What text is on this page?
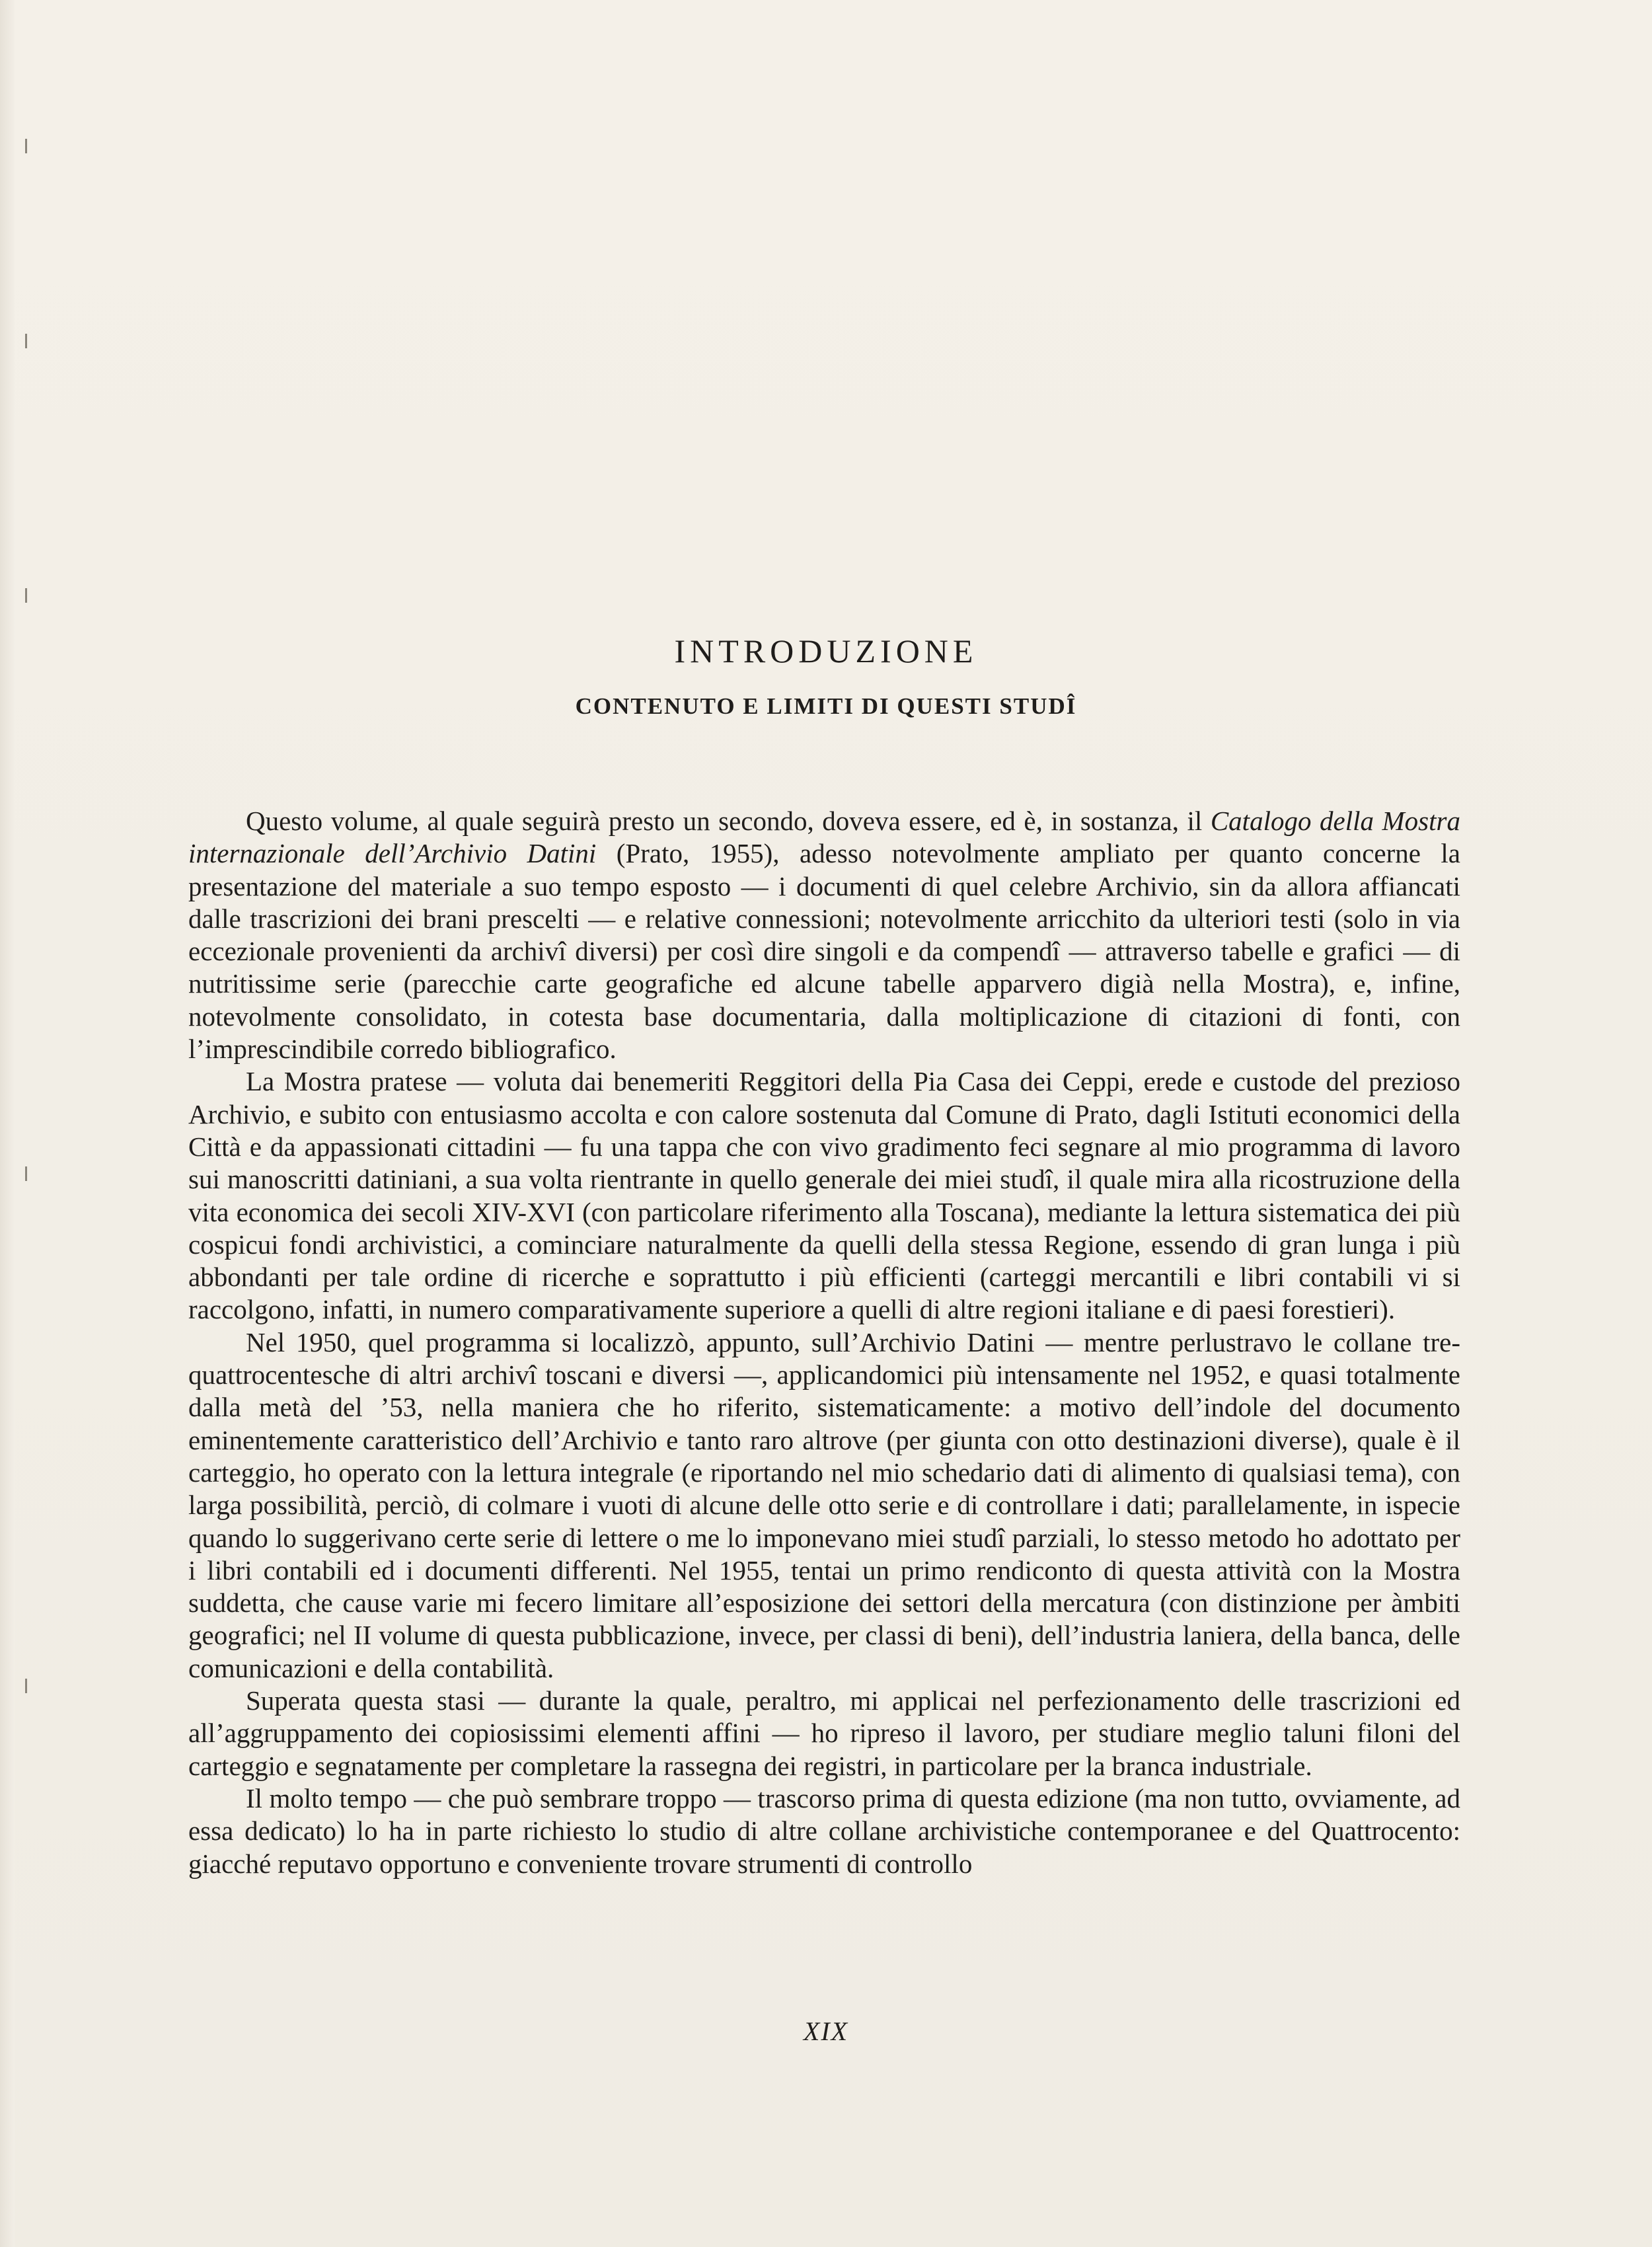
INTRODUZIONE
CONTENUTO E LIMITI DI QUESTI STUDÎ

Questo volume, al quale seguirà presto un secondo, doveva essere, ed è, in sostanza, il Catalogo della Mostra internazionale dell’Archivio Datini (Prato, 1955), adesso notevolmente ampliato per quanto concerne la presentazione del materiale a suo tempo esposto — i documenti di quel celebre Archivio, sin da allora affiancati dalle trascrizioni dei brani prescelti — e relative connessioni; notevolmente arricchito da ulteriori testi (solo in via eccezionale provenienti da archivî diversi) per così dire singoli e da compendî — attraverso tabelle e grafici — di nutritissime serie (parecchie carte geografiche ed alcune tabelle apparvero digià nella Mostra), e, infine, notevolmente consolidato, in cotesta base documentaria, dalla moltiplicazione di citazioni di fonti, con l’imprescindibile corredo bibliografico.

La Mostra pratese — voluta dai benemeriti Reggitori della Pia Casa dei Ceppi, erede e custode del prezioso Archivio, e subito con entusiasmo accolta e con calore sostenuta dal Comune di Prato, dagli Istituti economici della Città e da appassionati cittadini — fu una tappa che con vivo gradimento feci segnare al mio programma di lavoro sui manoscritti datiniani, a sua volta rientrante in quello generale dei miei studî, il quale mira alla ricostruzione della vita economica dei secoli XIV-XVI (con particolare riferimento alla Toscana), mediante la lettura sistematica dei più cospicui fondi archivistici, a cominciare naturalmente da quelli della stessa Regione, essendo di gran lunga i più abbondanti per tale ordine di ricerche e soprattutto i più efficienti (carteggi mercantili e libri contabili vi si raccolgono, infatti, in numero comparativamente superiore a quelli di altre regioni italiane e di paesi forestieri).

Nel 1950, quel programma si localizzò, appunto, sull’Archivio Datini — mentre perlustravo le collane tre-quattrocentesche di altri archivî toscani e diversi —, applicandomici più intensamente nel 1952, e quasi totalmente dalla metà del ’53, nella maniera che ho riferito, sistematicamente: a motivo dell’indole del documento eminentemente caratteristico dell’Archivio e tanto raro altrove (per giunta con otto destinazioni diverse), quale è il carteggio, ho operato con la lettura integrale (e riportando nel mio schedario dati di alimento di qualsiasi tema), con larga possibilità, perciò, di colmare i vuoti di alcune delle otto serie e di controllare i dati; parallelamente, in ispecie quando lo suggerivano certe serie di lettere o me lo imponevano miei studî parziali, lo stesso metodo ho adottato per i libri contabili ed i documenti differenti. Nel 1955, tentai un primo rendiconto di questa attività con la Mostra suddetta, che cause varie mi fecero limitare all’esposizione dei settori della mercatura (con distinzione per àmbiti geografici; nel II volume di questa pubblicazione, invece, per classi di beni), dell’industria laniera, della banca, delle comunicazioni e della contabilità.

Superata questa stasi — durante la quale, peraltro, mi applicai nel perfezionamento delle trascrizioni ed all’aggruppamento dei copiosissimi elementi affini — ho ripreso il lavoro, per studiare meglio taluni filoni del carteggio e segnatamente per completare la rassegna dei registri, in particolare per la branca industriale.

Il molto tempo — che può sembrare troppo — trascorso prima di questa edizione (ma non tutto, ovviamente, ad essa dedicato) lo ha in parte richiesto lo studio di altre collane archivistiche contemporanee e del Quattrocento: giacché reputavo opportuno e conveniente trovare strumenti di controllo

XIX
